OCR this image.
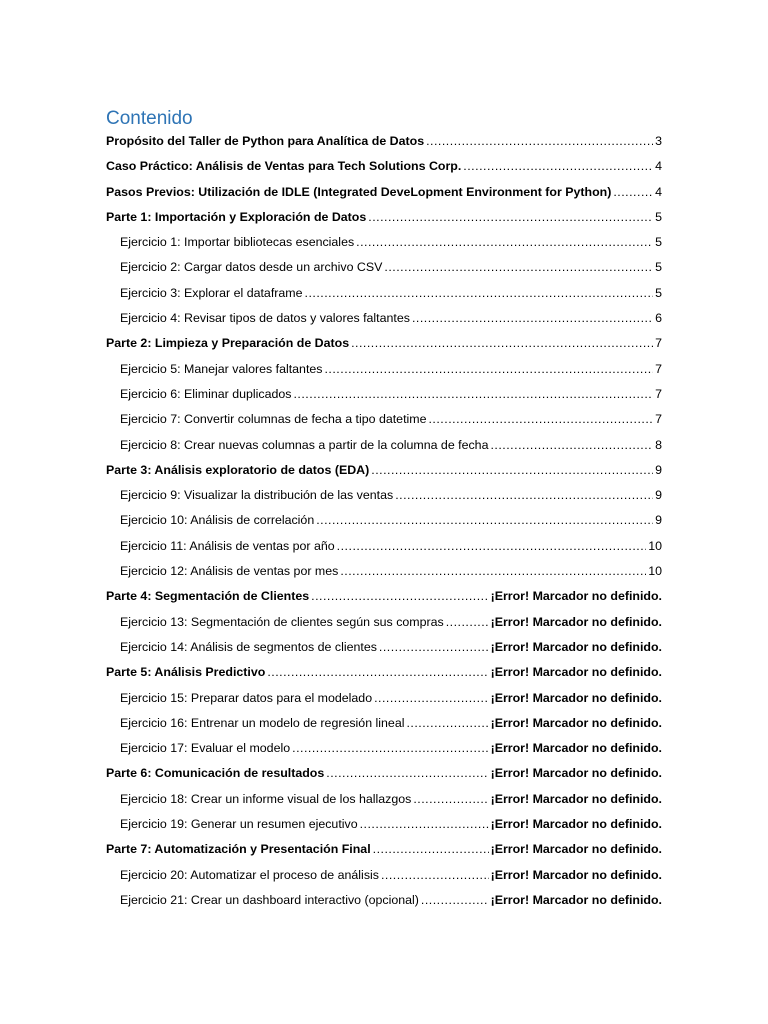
Contenido
Propósito del Taller de Python para Analítica de Datos .....	3
Caso Práctico: Análisis de Ventas para Tech Solutions Corp. .....	4
Pasos Previos: Utilización de IDLE (Integrated DeveLopment Environment for Python) .....	4
Parte 1: Importación y Exploración de Datos .....	5
Ejercicio 1: Importar bibliotecas esenciales .....	5
Ejercicio 2: Cargar datos desde un archivo CSV .....	5
Ejercicio 3: Explorar el dataframe .....	5
Ejercicio 4: Revisar tipos de datos y valores faltantes .....	6
Parte 2: Limpieza y Preparación de Datos .....	7
Ejercicio 5: Manejar valores faltantes .....	7
Ejercicio 6: Eliminar duplicados .....	7
Ejercicio 7: Convertir columnas de fecha a tipo datetime .....	7
Ejercicio 8: Crear nuevas columnas a partir de la columna de fecha .....	8
Parte 3: Análisis exploratorio de datos (EDA) .....	9
Ejercicio 9: Visualizar la distribución de las ventas .....	9
Ejercicio 10: Análisis de correlación .....	9
Ejercicio 11: Análisis de ventas por año .....	10
Ejercicio 12: Análisis de ventas por mes .....	10
Parte 4: Segmentación de Clientes .....	¡Error! Marcador no definido.
Ejercicio 13: Segmentación de clientes según sus compras .....	¡Error! Marcador no definido.
Ejercicio 14: Análisis de segmentos de clientes .....	¡Error! Marcador no definido.
Parte 5: Análisis Predictivo .....	¡Error! Marcador no definido.
Ejercicio 15: Preparar datos para el modelado .....	¡Error! Marcador no definido.
Ejercicio 16: Entrenar un modelo de regresión lineal .....	¡Error! Marcador no definido.
Ejercicio 17: Evaluar el modelo .....	¡Error! Marcador no definido.
Parte 6: Comunicación de resultados .....	¡Error! Marcador no definido.
Ejercicio 18: Crear un informe visual de los hallazgos .....	¡Error! Marcador no definido.
Ejercicio 19: Generar un resumen ejecutivo .....	¡Error! Marcador no definido.
Parte 7: Automatización y Presentación Final .....	¡Error! Marcador no definido.
Ejercicio 20: Automatizar el proceso de análisis .....	¡Error! Marcador no definido.
Ejercicio 21: Crear un dashboard interactivo (opcional) .....	¡Error! Marcador no definido.
